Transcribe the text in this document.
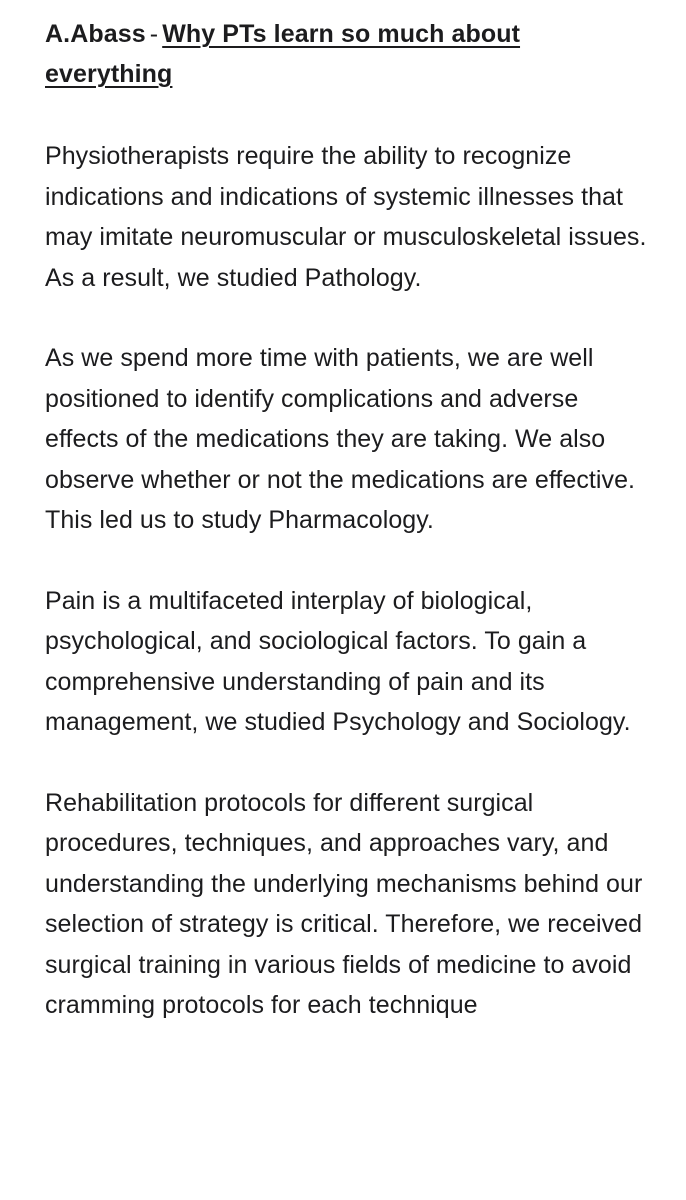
A.Abass - Why PTs learn so much about everything

Physiotherapists require the ability to recognize indications and indications of systemic illnesses that may imitate neuromuscular or musculoskeletal issues. As a result, we studied Pathology.

As we spend more time with patients, we are well positioned to identify complications and adverse effects of the medications they are taking. We also observe whether or not the medications are effective. This led us to study Pharmacology.

Pain is a multifaceted interplay of biological, psychological, and sociological factors. To gain a comprehensive understanding of pain and its management, we studied Psychology and Sociology.

Rehabilitation protocols for different surgical procedures, techniques, and approaches vary, and understanding the underlying mechanisms behind our selection of strategy is critical. Therefore, we received surgical training in various fields of medicine to avoid cramming protocols for each technique
